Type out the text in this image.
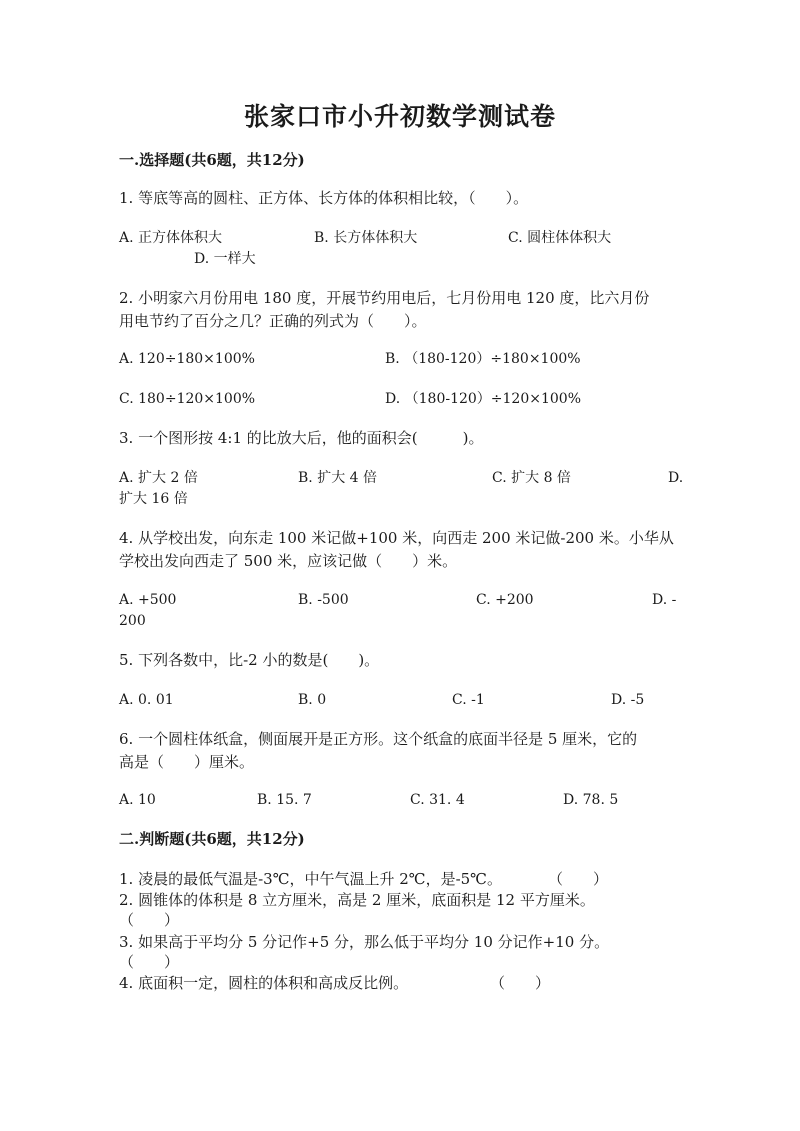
张家口市小升初数学测试卷
一.选择题(共6题，共12分)
1. 等底等高的圆柱、正方体、长方体的体积相比较，（　　）。
A. 正方体体积大	B. 长方体体积大	C. 圆柱体体积大
D. 一样大
2. 小明家六月份用电 180 度，开展节约用电后，七月份用电 120 度，比六月份
用电节约了百分之几？正确的列式为（　　）。
A. 120÷180×100%	B. （180-120）÷180×100%
C. 180÷120×100%	D. （180-120）÷120×100%
3. 一个图形按 4:1 的比放大后，他的面积会(　　　)。
A. 扩大 2 倍	B. 扩大 4 倍	C. 扩大 8 倍	D.
扩大 16 倍
4. 从学校出发，向东走 100 米记做+100 米，向西走 200 米记做-200 米。小华从
学校出发向西走了 500 米，应该记做（　　）米。
A. +500	B. -500	C. +200	D. -
200
5. 下列各数中，比-2 小的数是(　　)。
A. 0. 01	B. 0	C. -1	D. -5
6. 一个圆柱体纸盒，侧面展开是正方形。这个纸盒的底面半径是 5 厘米，它的
高是（　　）厘米。
A. 10	B. 15. 7	C. 31. 4	D. 78. 5
二.判断题(共6题，共12分)
1. 凌晨的最低气温是-3℃，中午气温上升 2℃，是-5℃。	（　　）
2. 圆锥体的体积是 8 立方厘米，高是 2 厘米，底面积是 12 平方厘米。
（　　）
3. 如果高于平均分 5 分记作+5 分，那么低于平均分 10 分记作+10 分。
（　　）
4. 底面积一定，圆柱的体积和高成反比例。	（　　）
